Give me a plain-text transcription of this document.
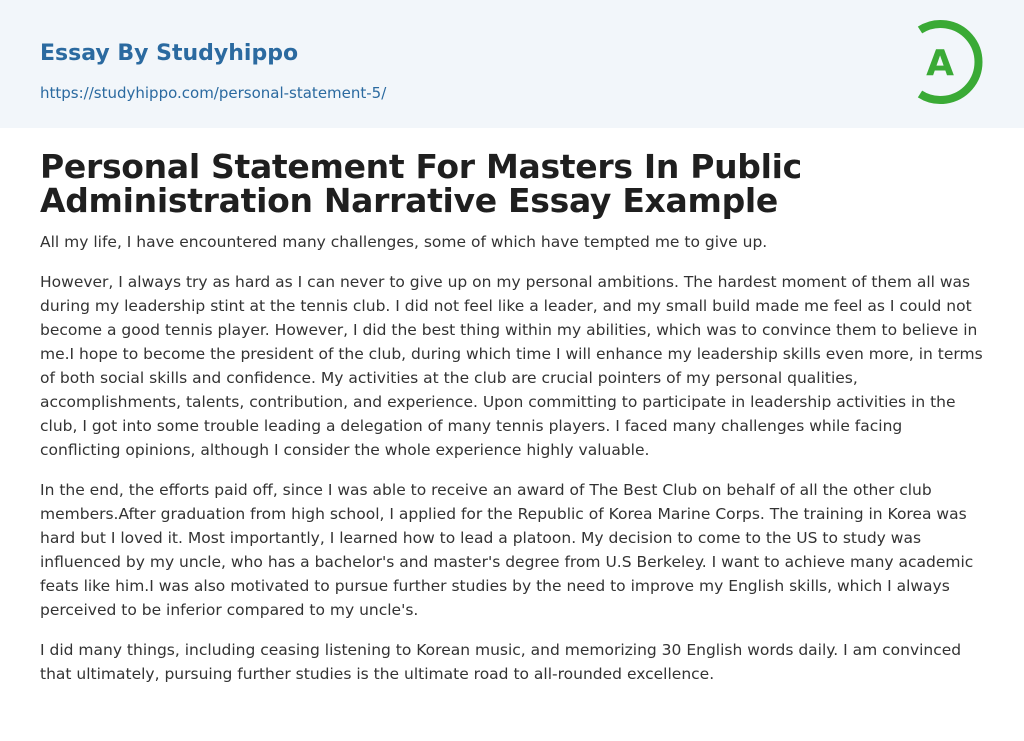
Essay By Studyhippo
https://studyhippo.com/personal-statement-5/
A
Personal Statement For Masters In Public Administration Narrative Essay Example

All my life, I have encountered many challenges, some of which have tempted me to give up.

However, I always try as hard as I can never to give up on my personal ambitions. The hardest moment of them all was during my leadership stint at the tennis club. I did not feel like a leader, and my small build made me feel as I could not become a good tennis player. However, I did the best thing within my abilities, which was to convince them to believe in me.I hope to become the president of the club, during which time I will enhance my leadership skills even more, in terms of both social skills and confidence. My activities at the club are crucial pointers of my personal qualities, accomplishments, talents, contribution, and experience. Upon committing to participate in leadership activities in the club, I got into some trouble leading a delegation of many tennis players. I faced many challenges while facing conflicting opinions, although I consider the whole experience highly valuable.

In the end, the efforts paid off, since I was able to receive an award of The Best Club on behalf of all the other club members.After graduation from high school, I applied for the Republic of Korea Marine Corps. The training in Korea was hard but I loved it. Most importantly, I learned how to lead a platoon. My decision to come to the US to study was influenced by my uncle, who has a bachelor's and master's degree from U.S Berkeley. I want to achieve many academic feats like him.I was also motivated to pursue further studies by the need to improve my English skills, which I always perceived to be inferior compared to my uncle's.

I did many things, including ceasing listening to Korean music, and memorizing 30 English words daily. I am convinced that ultimately, pursuing further studies is the ultimate road to all-rounded excellence.
